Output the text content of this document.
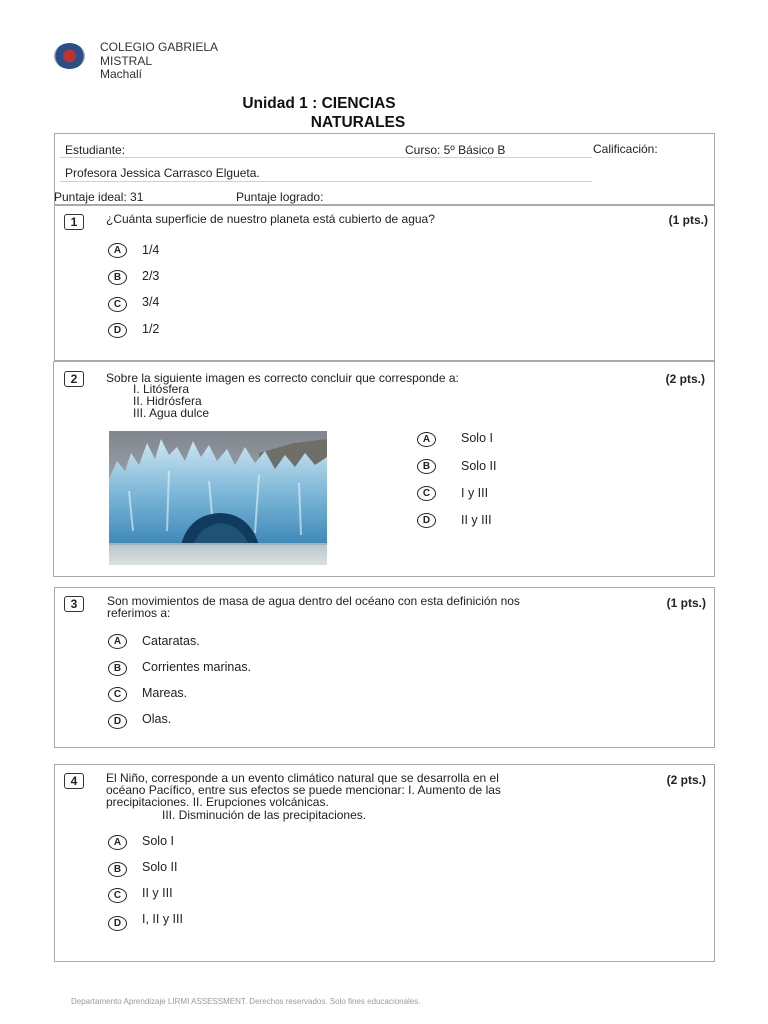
COLEGIO GABRIELA
MISTRAL
Machalí
Unidad 1 : CIENCIAS
NATURALES
Estudiante:	Curso: 5º Básico B	Calificación:
Profesora Jessica Carrasco Elgueta.
Puntaje ideal: 31	Puntaje logrado:
1	¿Cuánta superficie de nuestro planeta está cubierto de agua?	(1 pts.)
A	1/4
B	2/3
C	3/4
D	1/2
2	Sobre la siguiente imagen es correcto concluir que corresponde a:	(2 pts.)
I. Litósfera
II. Hidrósfera
III. Agua dulce
A	Solo I
B	Solo II
C	I y III
D	II y III
3	Son movimientos de masa de agua dentro del océano con esta definición nos
referimos a:
(1 pts.)
A	Cataratas.
B	Corrientes marinas.
C	Mareas.
D	Olas.
4	El Niño, corresponde a un evento climático natural que se desarrolla en el
océano Pacífico, entre sus efectos se puede mencionar: I. Aumento de las
precipitaciones. II. Erupciones volcánicas.
III. Disminución de las precipitaciones.
(2 pts.)
A	Solo I
B	Solo II
C	II y III
D	I, II y III
Departamento Aprendizaje LIRMI ASSESSMENT. Derechos reservados. Solo fines educacionales.
